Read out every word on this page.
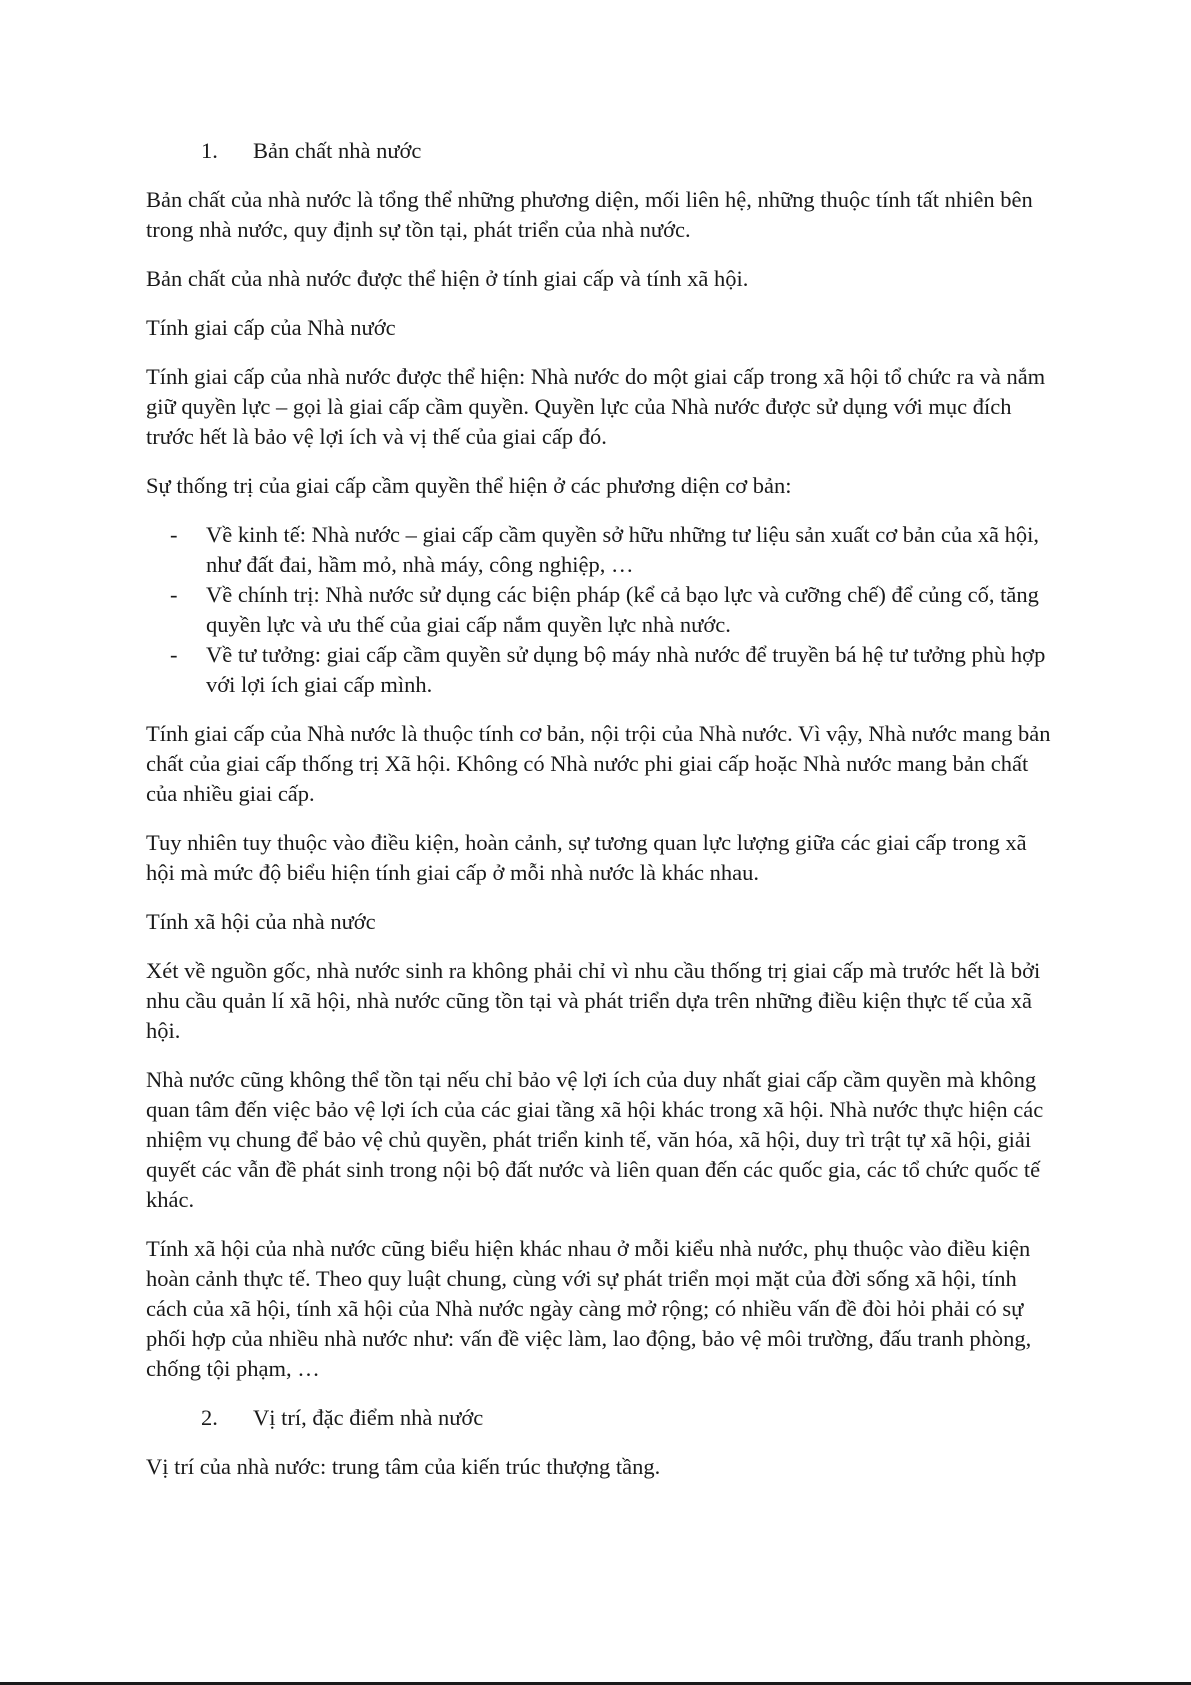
1. Bản chất nhà nước

Bản chất của nhà nước là tổng thể những phương diện, mối liên hệ, những thuộc tính tất nhiên bên trong nhà nước, quy định sự tồn tại, phát triển của nhà nước.

Bản chất của nhà nước được thể hiện ở tính giai cấp và tính xã hội.

Tính giai cấp của Nhà nước

Tính giai cấp của nhà nước được thể hiện: Nhà nước do một giai cấp trong xã hội tổ chức ra và nắm giữ quyền lực – gọi là giai cấp cầm quyền. Quyền lực của Nhà nước được sử dụng với mục đích trước hết là bảo vệ lợi ích và vị thế của giai cấp đó.

Sự thống trị của giai cấp cầm quyền thể hiện ở các phương diện cơ bản:

- Về kinh tế: Nhà nước – giai cấp cầm quyền sở hữu những tư liệu sản xuất cơ bản của xã hội, như đất đai, hầm mỏ, nhà máy, công nghiệp, …
- Về chính trị: Nhà nước sử dụng các biện pháp (kể cả bạo lực và cưỡng chế) để củng cố, tăng quyền lực và ưu thế của giai cấp nắm quyền lực nhà nước.
- Về tư tưởng: giai cấp cầm quyền sử dụng bộ máy nhà nước để truyền bá hệ tư tưởng phù hợp với lợi ích giai cấp mình.

Tính giai cấp của Nhà nước là thuộc tính cơ bản, nội trội của Nhà nước. Vì vậy, Nhà nước mang bản chất của giai cấp thống trị Xã hội. Không có Nhà nước phi giai cấp hoặc Nhà nước mang bản chất của nhiều giai cấp.

Tuy nhiên tuy thuộc vào điều kiện, hoàn cảnh, sự tương quan lực lượng giữa các giai cấp trong xã hội mà mức độ biểu hiện tính giai cấp ở mỗi nhà nước là khác nhau.

Tính xã hội của nhà nước

Xét về nguồn gốc, nhà nước sinh ra không phải chỉ vì nhu cầu thống trị giai cấp mà trước hết là bởi nhu cầu quản lí xã hội, nhà nước cũng tồn tại và phát triển dựa trên những điều kiện thực tế của xã hội.

Nhà nước cũng không thể tồn tại nếu chỉ bảo vệ lợi ích của duy nhất giai cấp cầm quyền mà không quan tâm đến việc bảo vệ lợi ích của các giai tầng xã hội khác trong xã hội. Nhà nước thực hiện các nhiệm vụ chung để bảo vệ chủ quyền, phát triển kinh tế, văn hóa, xã hội, duy trì trật tự xã hội, giải quyết các vẫn đề phát sinh trong nội bộ đất nước và liên quan đến các quốc gia, các tổ chức quốc tế khác.

Tính xã hội của nhà nước cũng biểu hiện khác nhau ở mỗi kiểu nhà nước, phụ thuộc vào điều kiện hoàn cảnh thực tế. Theo quy luật chung, cùng với sự phát triển mọi mặt của đời sống xã hội, tính cách của xã hội, tính xã hội của Nhà nước ngày càng mở rộng; có nhiều vấn đề đòi hỏi phải có sự phối hợp của nhiều nhà nước như: vấn đề việc làm, lao động, bảo vệ môi trường, đấu tranh phòng, chống tội phạm, …

2. Vị trí, đặc điểm nhà nước

Vị trí của nhà nước: trung tâm của kiến trúc thượng tầng.
